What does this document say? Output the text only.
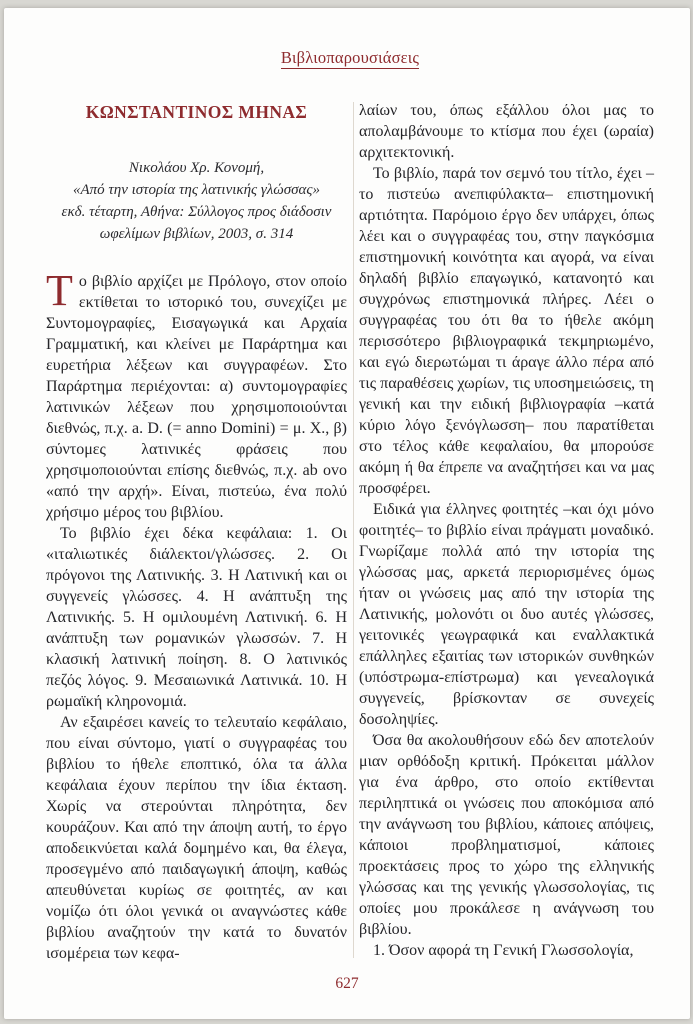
Βιβλιοπαρουσιάσεις
ΚΩΝΣΤΑΝΤΙΝΟΣ ΜΗΝΑΣ
Νικολάου Χρ. Κονομή,
«Από την ιστορία της λατινικής γλώσσας»
εκδ. τέταρτη, Αθήνα: Σύλλογος προς διάδοσιν
ωφελίμων βιβλίων, 2003, σ. 314

Το βιβλίο αρχίζει με Πρόλογο, στον οποίο εκτίθεται το ιστορικό του, συνεχίζει με Συντομογραφίες, Εισαγωγικά και Αρχαία Γραμματική, και κλείνει με Παράρτημα και ευρετήρια λέξεων και συγγραφέων. Στο Παράρτημα περιέχονται: α) συντομογραφίες λατινικών λέξεων που χρησιμοποιούνται διεθνώς, π.χ. a. D. (= anno Domini) = μ. Χ., β) σύντομες λατινικές φράσεις που χρησιμοποιούνται επίσης διεθνώς, π.χ. ab ovo «από την αρχή». Είναι, πιστεύω, ένα πολύ χρήσιμο μέρος του βιβλίου.

Το βιβλίο έχει δέκα κεφάλαια: 1. Οι «ιταλιωτικές διάλεκτοι/γλώσσες. 2. Οι πρόγονοι της Λατινικής. 3. Η Λατινική και οι συγγενείς γλώσσες. 4. Η ανάπτυξη της Λατινικής. 5. Η ομιλουμένη Λατινική. 6. Η ανάπτυξη των ρομανικών γλωσσών. 7. Η κλασική λατινική ποίηση. 8. Ο λατινικός πεζός λόγος. 9. Μεσαιωνικά Λατινικά. 10. Η ρωμαϊκή κληρονομιά.

Αν εξαιρέσει κανείς το τελευταίο κεφάλαιο, που είναι σύντομο, γιατί ο συγγραφέας του βιβλίου το ήθελε εποπτικό, όλα τα άλλα κεφάλαια έχουν περίπου την ίδια έκταση. Χωρίς να στερούνται πληρότητα, δεν κουράζουν. Και από την άποψη αυτή, το έργο αποδεικνύεται καλά δομημένο και, θα έλεγα, προσεγμένο από παιδαγωγική άποψη, καθώς απευθύνεται κυρίως σε φοιτητές, αν και νομίζω ότι όλοι γενικά οι αναγνώστες κάθε βιβλίου αναζητούν την κατά το δυνατόν ισομέρεια των κεφα-

λαίων του, όπως εξάλλου όλοι μας το απολαμβάνουμε το κτίσμα που έχει (ωραία) αρχιτεκτονική.

Το βιβλίο, παρά τον σεμνό του τίτλο, έχει –το πιστεύω ανεπιφύλακτα– επιστημονική αρτιότητα. Παρόμοιο έργο δεν υπάρχει, όπως λέει και ο συγγραφέας του, στην παγκόσμια επιστημονική κοινότητα και αγορά, να είναι δηλαδή βιβλίο επαγωγικό, κατανοητό και συγχρόνως επιστημονικά πλήρες. Λέει ο συγγραφέας του ότι θα το ήθελε ακόμη περισσότερο βιβλιογραφικά τεκμηριωμένο, και εγώ διερωτώμαι τι άραγε άλλο πέρα από τις παραθέσεις χωρίων, τις υποσημειώσεις, τη γενική και την ειδική βιβλιογραφία –κατά κύριο λόγο ξενόγλωσση– που παρατίθεται στο τέλος κάθε κεφαλαίου, θα μπορούσε ακόμη ή θα έπρεπε να αναζητήσει και να μας προσφέρει.

Ειδικά για έλληνες φοιτητές –και όχι μόνο φοιτητές– το βιβλίο είναι πράγματι μοναδικό. Γνωρίζαμε πολλά από την ιστορία της γλώσσας μας, αρκετά περιορισμένες όμως ήταν οι γνώσεις μας από την ιστορία της Λατινικής, μολονότι οι δυο αυτές γλώσσες, γειτονικές γεωγραφικά και εναλλακτικά επάλληλες εξαιτίας των ιστορικών συνθηκών (υπόστρωμα-επίστρωμα) και γενεαλογικά συγγενείς, βρίσκονταν σε συνεχείς δοσοληψίες.

Όσα θα ακολουθήσουν εδώ δεν αποτελούν μιαν ορθόδοξη κριτική. Πρόκειται μάλλον για ένα άρθρο, στο οποίο εκτίθενται περιληπτικά οι γνώσεις που αποκόμισα από την ανάγνωση του βιβλίου, κάποιες απόψεις, κάποιοι προβληματισμοί, κάποιες προεκτάσεις προς το χώρο της ελληνικής γλώσσας και της γενικής γλωσσολογίας, τις οποίες μου προκάλεσε η ανάγνωση του βιβλίου.

1. Όσον αφορά τη Γενική Γλωσσολογία,

627
